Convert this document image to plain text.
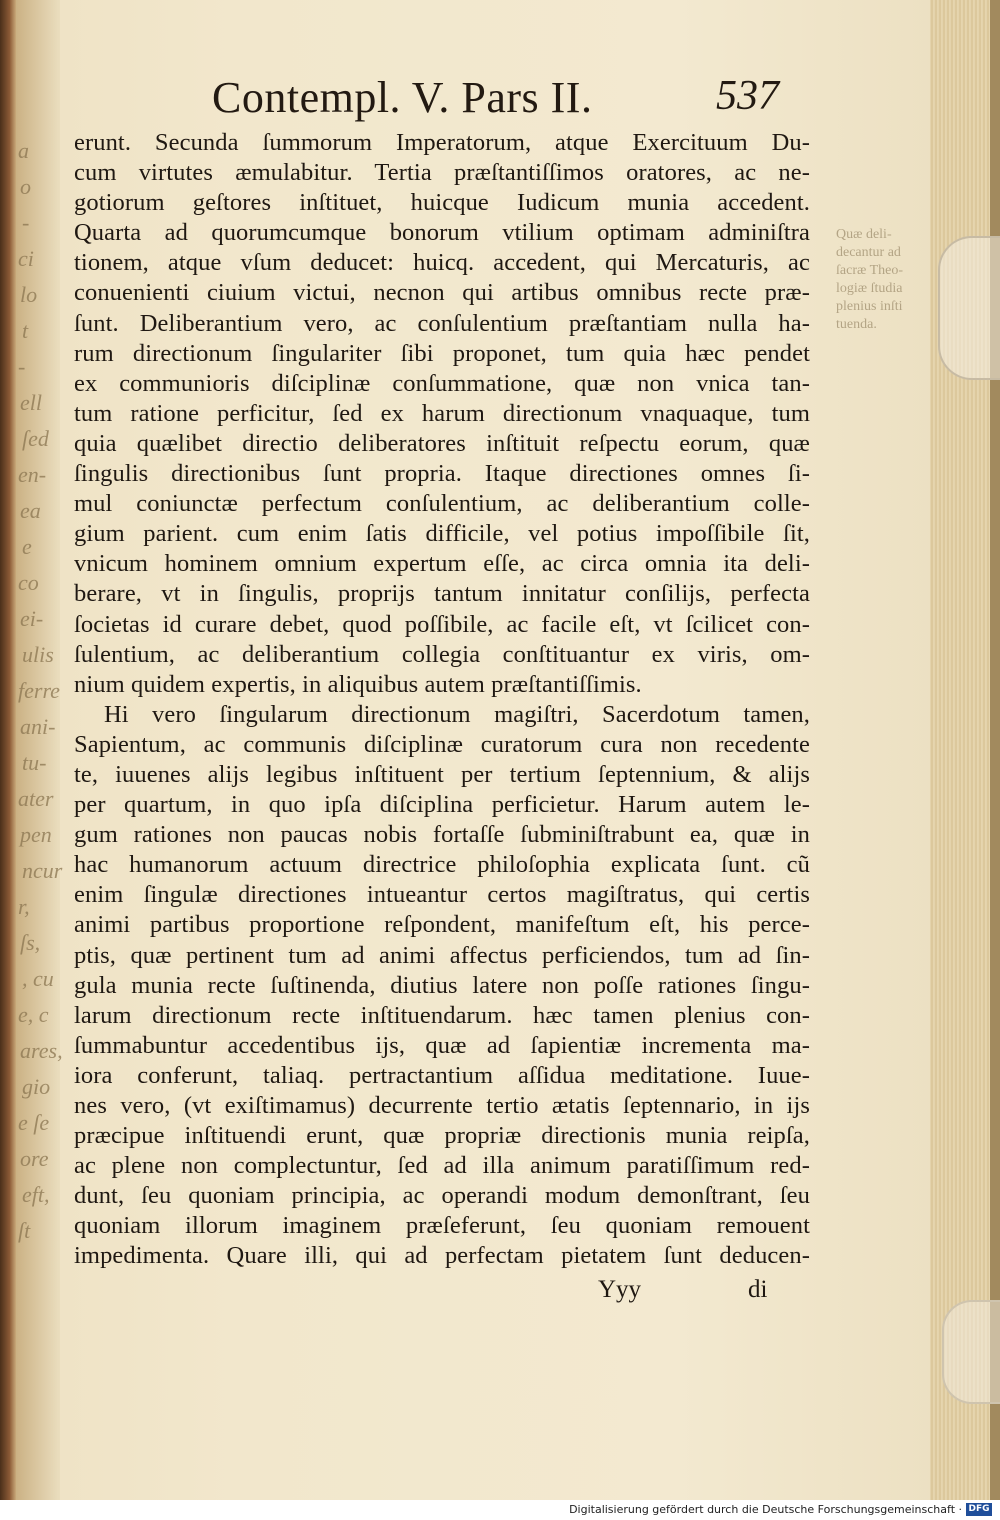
a
o
-
ci
lo
t
-
ell
ſed
en-
ea
e
co
ei-
ulis
ferre
ani-
tu-
ater
pen
ncur
r,
ſs,
, cu
e, c
ares,
gio
e ſe
ore
eft,
ſt
Quæ deli-
decantur ad
ſacræ Theo-
logiæ ſtudia
plenius inſti
tuenda.
Contempl. V. Pars II.	537
erunt. Secunda ſummorum Imperatorum, atque Exercituum Du-
cum virtutes æmulabitur. Tertia præſtantiſſimos oratores, ac ne-
gotiorum geſtores inſtituet, huicque Iudicum munia accedent.
Quarta ad quorumcumque bonorum vtilium optimam adminiſtra
tionem, atque vſum deducet: huicq. accedent, qui Mercaturis, ac
conuenienti ciuium victui, necnon qui artibus omnibus recte præ-
ſunt. Deliberantium vero, ac conſulentium præſtantiam nulla ha-
rum directionum ſingulariter ſibi proponet, tum quia hæc pendet
ex communioris diſciplinæ conſummatione, quæ non vnica tan-
tum ratione perficitur, ſed ex harum directionum vnaquaque, tum
quia quælibet directio deliberatores inſtituit reſpectu eorum, quæ
ſingulis directionibus ſunt propria. Itaque directiones omnes ſi-
mul coniunctæ perfectum conſulentium, ac deliberantium colle-
gium parient. cum enim ſatis difficile, vel potius impoſſibile ſit,
vnicum hominem omnium expertum eſſe, ac circa omnia ita deli-
berare, vt in ſingulis, proprijs tantum innitatur conſilijs, perfecta
ſocietas id curare debet, quod poſſibile, ac facile eſt, vt ſcilicet con-
ſulentium, ac deliberantium collegia conſtituantur ex viris, om-
nium quidem expertis, in aliquibus autem præſtantiſſimis.
Hi vero ſingularum directionum magiſtri, Sacerdotum tamen,
Sapientum, ac communis diſciplinæ curatorum cura non recedente
te, iuuenes alijs legibus inſtituent per tertium ſeptennium, & alijs
per quartum, in quo ipſa diſciplina perficietur. Harum autem le-
gum rationes non paucas nobis fortaſſe ſubminiſtrabunt ea, quæ in
hac humanorum actuum directrice philoſophia explicata ſunt. cũ
enim ſingulæ directiones intueantur certos magiſtratus, qui certis
animi partibus proportione reſpondent, manifeſtum eſt, his perce-
ptis, quæ pertinent tum ad animi affectus perficiendos, tum ad ſin-
gula munia recte ſuſtinenda, diutius latere non poſſe rationes ſingu-
larum directionum recte inſtituendarum. hæc tamen plenius con-
ſummabuntur accedentibus ijs, quæ ad ſapientiæ incrementa ma-
iora conferunt, taliaq. pertractantium aſſidua meditatione. Iuue-
nes vero, (vt exiſtimamus) decurrente tertio ætatis ſeptennario, in ijs
præcipue inſtituendi erunt, quæ propriæ directionis munia reipſa,
ac plene non complectuntur, ſed ad illa animum paratiſſimum red-
dunt, ſeu quoniam principia, ac operandi modum demonſtrant, ſeu
quoniam illorum imaginem præſeferunt, ſeu quoniam remouent
impedimenta. Quare illi, qui ad perfectam pietatem ſunt deducen-
Yyy	di
Digitalisierung gefördert durch die Deutsche Forschungsgemeinschaft · DFG
